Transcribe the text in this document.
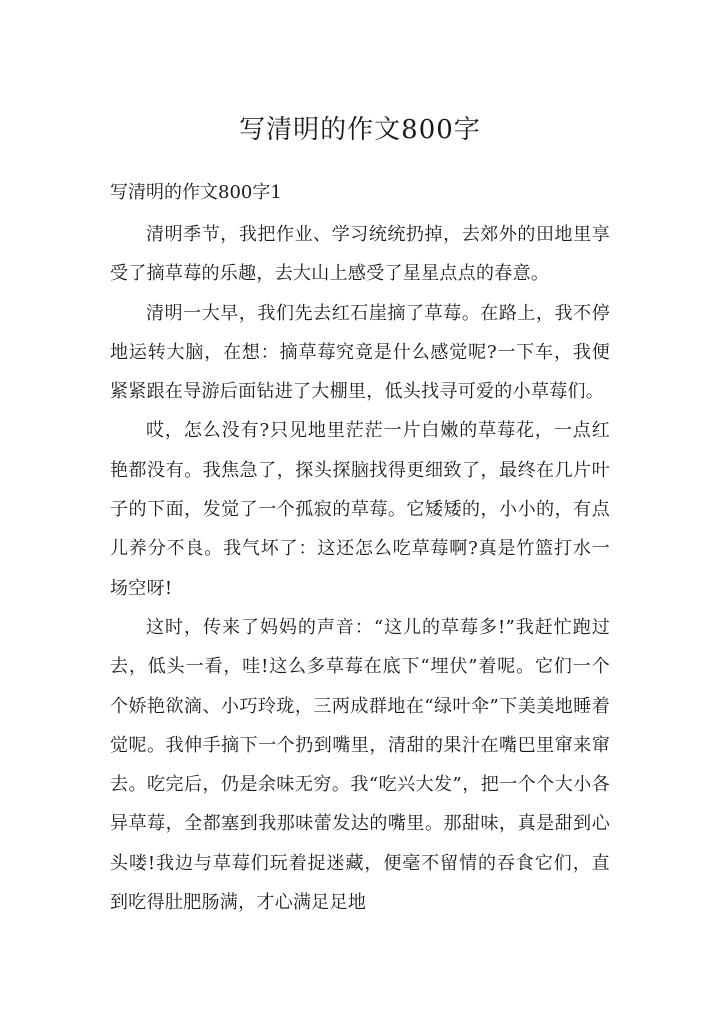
写清明的作文800字
写清明的作文800字1

清明季节，我把作业、学习统统扔掉，去郊外的田地里享受了摘草莓的乐趣，去大山上感受了星星点点的春意。

清明一大早，我们先去红石崖摘了草莓。在路上，我不停地运转大脑，在想：摘草莓究竟是什么感觉呢?一下车，我便紧紧跟在导游后面钻进了大棚里，低头找寻可爱的小草莓们。

哎，怎么没有?只见地里茫茫一片白嫩的草莓花，一点红艳都没有。我焦急了，探头探脑找得更细致了，最终在几片叶子的下面，发觉了一个孤寂的草莓。它矮矮的，小小的，有点儿养分不良。我气坏了：这还怎么吃草莓啊?真是竹篮打水一场空呀!

这时，传来了妈妈的声音：“这儿的草莓多!”我赶忙跑过去，低头一看，哇!这么多草莓在底下“埋伏”着呢。它们一个个娇艳欲滴、小巧玲珑，三两成群地在“绿叶伞”下美美地睡着觉呢。我伸手摘下一个扔到嘴里，清甜的果汁在嘴巴里窜来窜去。吃完后，仍是余味无穷。我“吃兴大发”，把一个个大小各异草莓，全都塞到我那味蕾发达的嘴里。那甜味，真是甜到心头喽!我边与草莓们玩着捉迷藏，便毫不留情的吞食它们，直到吃得肚肥肠满，才心满足足地
